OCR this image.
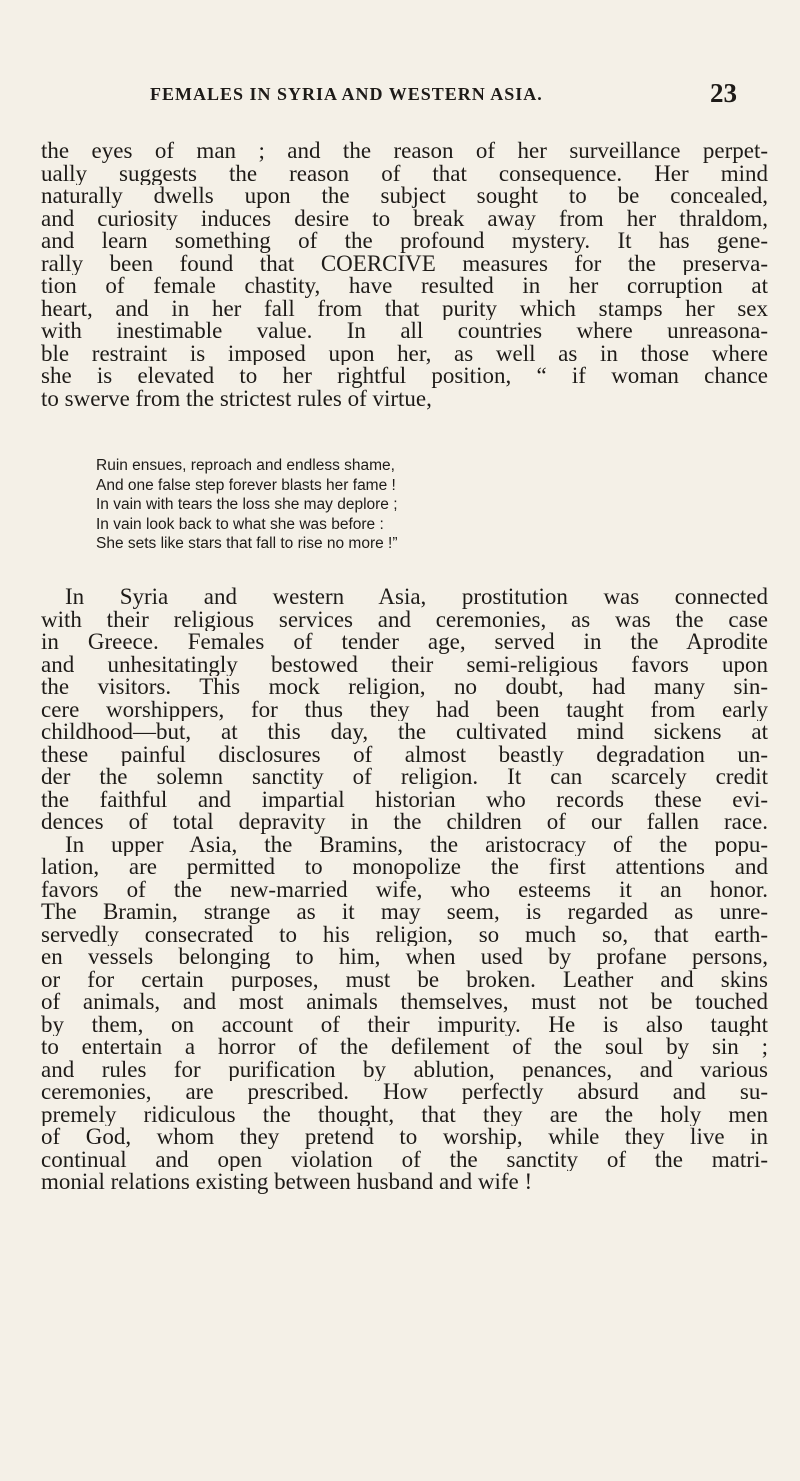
FEMALES IN SYRIA AND WESTERN ASIA.	23
the eyes of man ; and the reason of her surveillance perpet-
ually suggests the reason of that consequence. Her mind
naturally dwells upon the subject sought to be concealed,
and curiosity induces desire to break away from her thraldom,
and learn something of the profound mystery. It has gene-
rally been found that COERCIVE measures for the preserva-
tion of female chastity, have resulted in her corruption at
heart, and in her fall from that purity which stamps her sex
with inestimable value. In all countries where unreasona-
ble restraint is imposed upon her, as well as in those where
she is elevated to her rightful position, “ if woman chance
to swerve from the strictest rules of virtue,
Ruin ensues, reproach and endless shame,
And one false step forever blasts her fame !
In vain with tears the loss she may deplore ;
In vain look back to what she was before :
She sets like stars that fall to rise no more !”
In Syria and western Asia, prostitution was connected
with their religious services and ceremonies, as was the case
in Greece. Females of tender age, served in the Aprodite
and unhesitatingly bestowed their semi-religious favors upon
the visitors. This mock religion, no doubt, had many sin-
cere worshippers, for thus they had been taught from early
childhood—but, at this day, the cultivated mind sickens at
these painful disclosures of almost beastly degradation un-
der the solemn sanctity of religion. It can scarcely credit
the faithful and impartial historian who records these evi-
dences of total depravity in the children of our fallen race.
In upper Asia, the Bramins, the aristocracy of the popu-
lation, are permitted to monopolize the first attentions and
favors of the new-married wife, who esteems it an honor.
The Bramin, strange as it may seem, is regarded as unre-
servedly consecrated to his religion, so much so, that earth-
en vessels belonging to him, when used by profane persons,
or for certain purposes, must be broken. Leather and skins
of animals, and most animals themselves, must not be touched
by them, on account of their impurity. He is also taught
to entertain a horror of the defilement of the soul by sin ;
and rules for purification by ablution, penances, and various
ceremonies, are prescribed. How perfectly absurd and su-
premely ridiculous the thought, that they are the holy men
of God, whom they pretend to worship, while they live in
continual and open violation of the sanctity of the matri-
monial relations existing between husband and wife !
